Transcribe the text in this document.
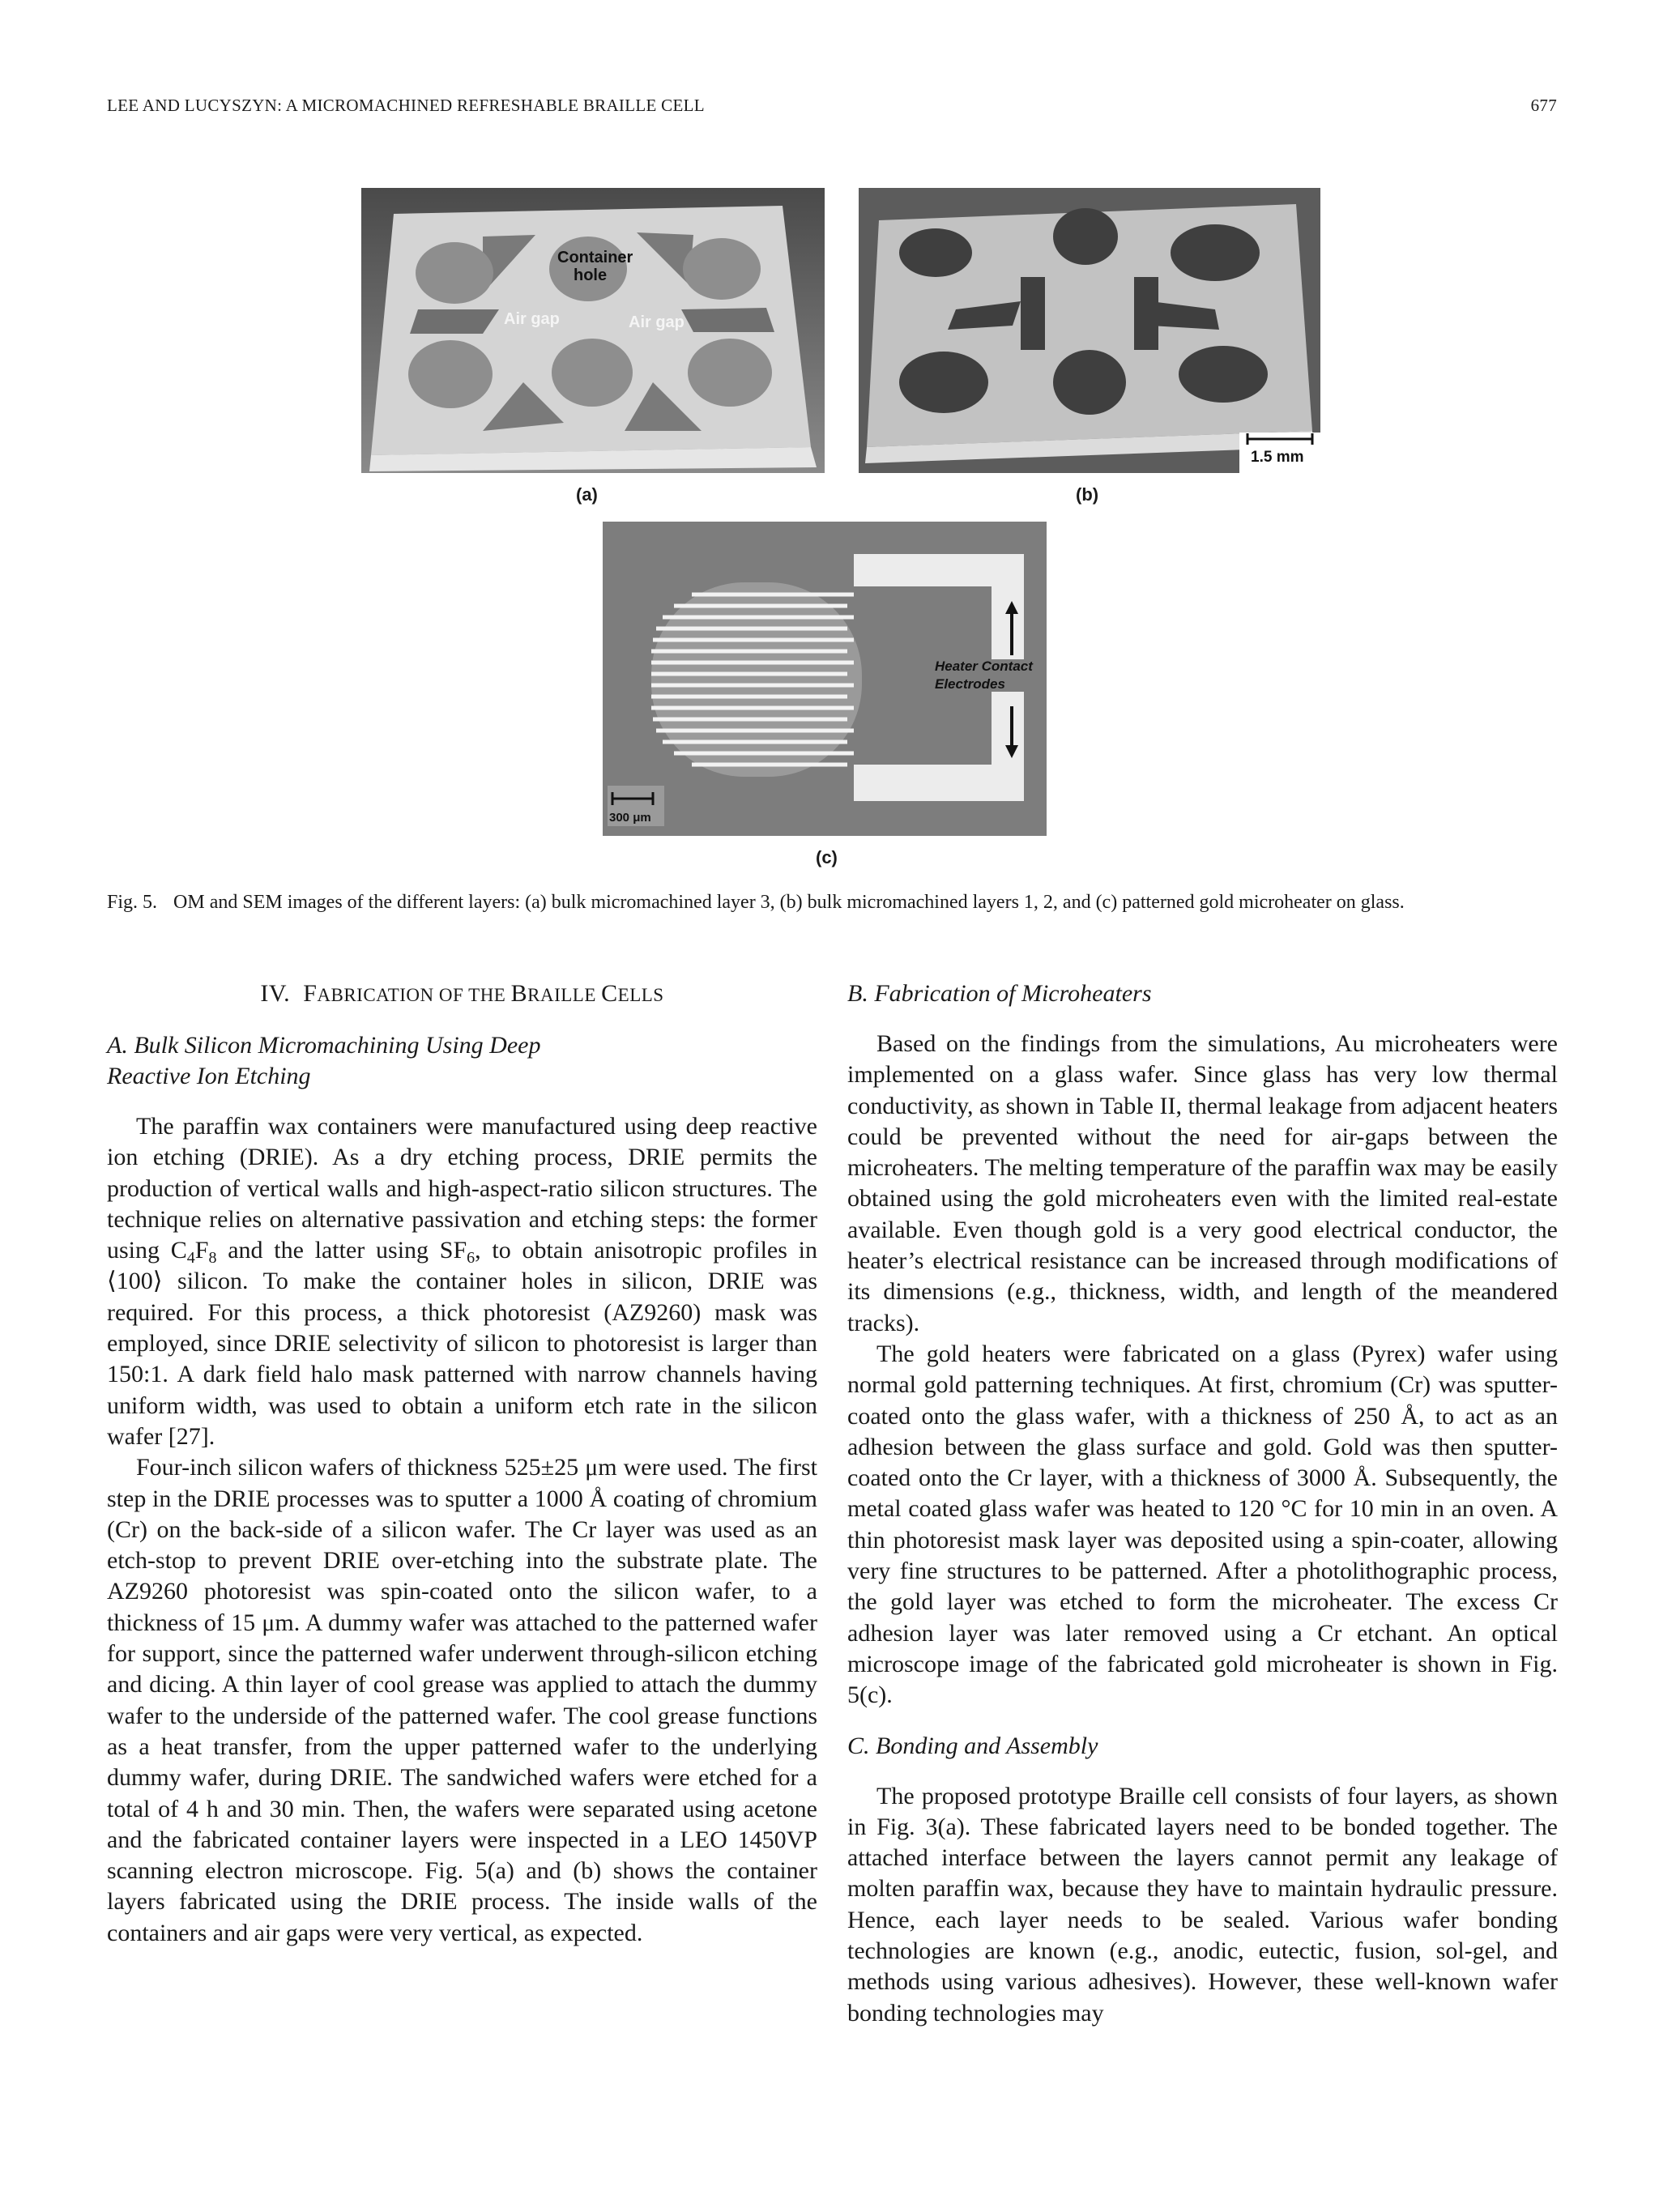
LEE AND LUCYSZYN: A MICROMACHINED REFRESHABLE BRAILLE CELL	677
Container
hole
Air gap	Air gap
1.5 mm
(a)	(b)
Heater Contact
Electrodes
300 μm
(c)
Fig. 5. OM and SEM images of the different layers: (a) bulk micromachined layer 3, (b) bulk micromachined layers 1, 2, and (c) patterned gold microheater on glass.
IV. FABRICATION OF THE BRAILLE CELLS
A. Bulk Silicon Micromachining Using Deep
Reactive Ion Etching

The paraffin wax containers were manufactured using deep reactive ion etching (DRIE). As a dry etching process, DRIE permits the production of vertical walls and high-aspect-ratio silicon structures. The technique relies on alternative passivation and etching steps: the former using $C_4F_8$ and the latter using $SF_6$, to obtain anisotropic profiles in ⟨100⟩ silicon. To make the container holes in silicon, DRIE was required. For this process, a thick photoresist (AZ9260) mask was employed, since DRIE selectivity of silicon to photoresist is larger than 150:1. A dark field halo mask patterned with narrow channels having uniform width, was used to obtain a uniform etch rate in the silicon wafer [27].

Four-inch silicon wafers of thickness 525±25 μm were used. The first step in the DRIE processes was to sputter a 1000 Å coating of chromium (Cr) on the back-side of a silicon wafer. The Cr layer was used as an etch-stop to prevent DRIE over-etching into the substrate plate. The AZ9260 photoresist was spin-coated onto the silicon wafer, to a thickness of 15 μm. A dummy wafer was attached to the patterned wafer for support, since the patterned wafer underwent through-silicon etching and dicing. A thin layer of cool grease was applied to attach the dummy wafer to the underside of the patterned wafer. The cool grease functions as a heat transfer, from the upper patterned wafer to the underlying dummy wafer, during DRIE. The sandwiched wafers were etched for a total of 4 h and 30 min. Then, the wafers were separated using acetone and the fabricated container layers were inspected in a LEO 1450VP scanning electron microscope. Fig. 5(a) and (b) shows the container layers fabricated using the DRIE process. The inside walls of the containers and air gaps were very vertical, as expected.

B. Fabrication of Microheaters

Based on the findings from the simulations, Au microheaters were implemented on a glass wafer. Since glass has very low thermal conductivity, as shown in Table II, thermal leakage from adjacent heaters could be prevented without the need for air-gaps between the microheaters. The melting temperature of the paraffin wax may be easily obtained using the gold microheaters even with the limited real-estate available. Even though gold is a very good electrical conductor, the heater’s electrical resistance can be increased through modifications of its dimensions (e.g., thickness, width, and length of the meandered tracks).

The gold heaters were fabricated on a glass (Pyrex) wafer using normal gold patterning techniques. At first, chromium (Cr) was sputter-coated onto the glass wafer, with a thickness of 250 Å, to act as an adhesion between the glass surface and gold. Gold was then sputter-coated onto the Cr layer, with a thickness of 3000 Å. Subsequently, the metal coated glass wafer was heated to 120 °C for 10 min in an oven. A thin photoresist mask layer was deposited using a spin-coater, allowing very fine structures to be patterned. After a photolithographic process, the gold layer was etched to form the microheater. The excess Cr adhesion layer was later removed using a Cr etchant. An optical microscope image of the fabricated gold microheater is shown in Fig. 5(c).

C. Bonding and Assembly

The proposed prototype Braille cell consists of four layers, as shown in Fig. 3(a). These fabricated layers need to be bonded together. The attached interface between the layers cannot permit any leakage of molten paraffin wax, because they have to maintain hydraulic pressure. Hence, each layer needs to be sealed. Various wafer bonding technologies are known (e.g., anodic, eutectic, fusion, sol-gel, and methods using various adhesives). However, these well-known wafer bonding technologies may
